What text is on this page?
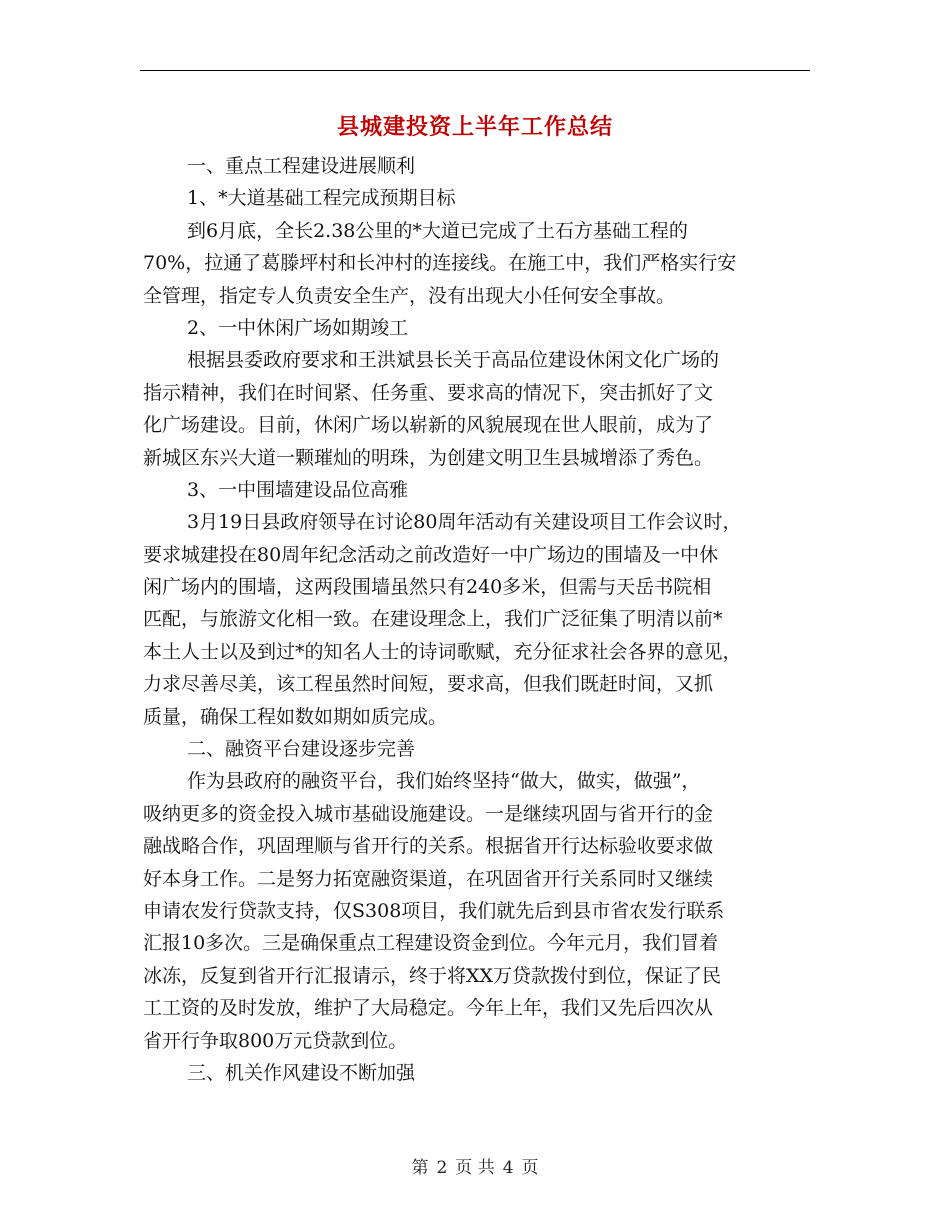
县城建投资上半年工作总结
一、重点工程建设进展顺利
1、*大道基础工程完成预期目标
到6月底，全长2.38公里的*大道已完成了土石方基础工程的
70%，拉通了葛滕坪村和长冲村的连接线。在施工中，我们严格实行安
全管理，指定专人负责安全生产，没有出现大小任何安全事故。
2、一中休闲广场如期竣工
根据县委政府要求和王洪斌县长关于高品位建设休闲文化广场的
指示精神，我们在时间紧、任务重、要求高的情况下，突击抓好了文
化广场建设。目前，休闲广场以崭新的风貌展现在世人眼前，成为了
新城区东兴大道一颗璀灿的明珠，为创建文明卫生县城增添了秀色。
3、一中围墙建设品位高雅
3月19日县政府领导在讨论80周年活动有关建设项目工作会议时，
要求城建投在80周年纪念活动之前改造好一中广场边的围墙及一中休
闲广场内的围墙，这两段围墙虽然只有240多米，但需与天岳书院相
匹配，与旅游文化相一致。在建设理念上，我们广泛征集了明清以前*
本土人士以及到过*的知名人士的诗词歌赋，充分征求社会各界的意见，
力求尽善尽美，该工程虽然时间短，要求高，但我们既赶时间，又抓
质量，确保工程如数如期如质完成。
二、融资平台建设逐步完善
作为县政府的融资平台，我们始终坚持“做大，做实，做强”，
吸纳更多的资金投入城市基础设施建设。一是继续巩固与省开行的金
融战略合作，巩固理顺与省开行的关系。根据省开行达标验收要求做
好本身工作。二是努力拓宽融资渠道，在巩固省开行关系同时又继续
申请农发行贷款支持，仅S308项目，我们就先后到县市省农发行联系
汇报10多次。三是确保重点工程建设资金到位。今年元月，我们冒着
冰冻，反复到省开行汇报请示，终于将XX万贷款拨付到位，保证了民
工工资的及时发放，维护了大局稳定。今年上年，我们又先后四次从
省开行争取800万元贷款到位。
三、机关作风建设不断加强
第 2 页 共 4 页
